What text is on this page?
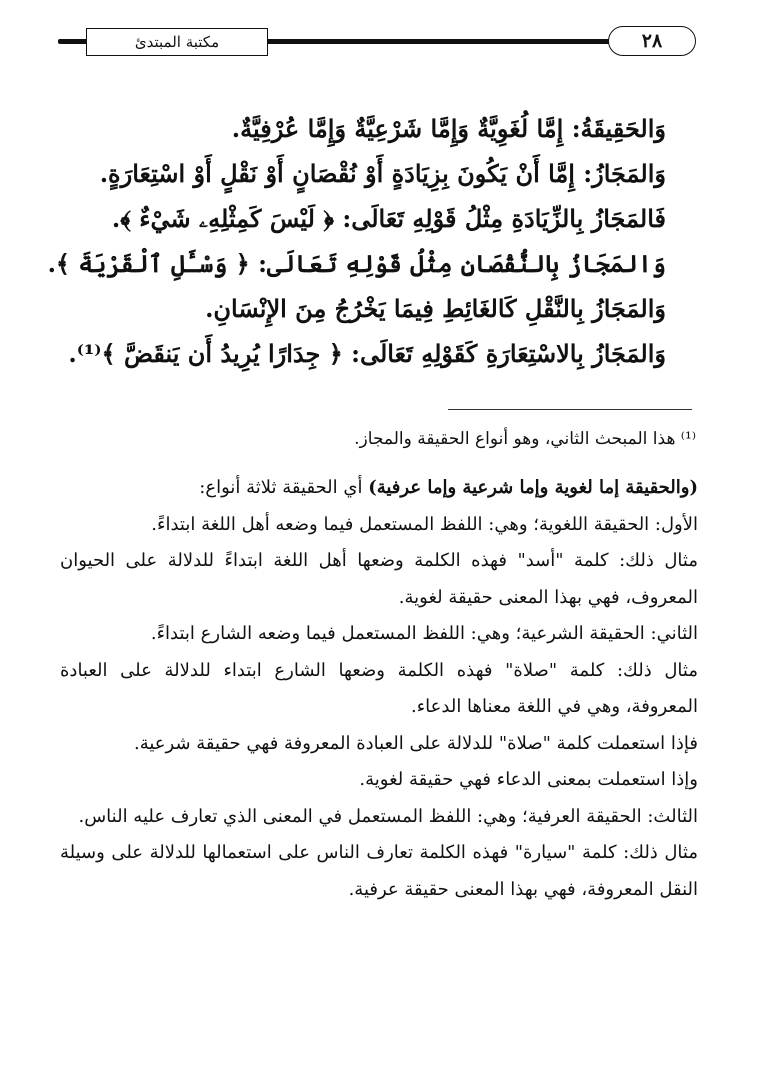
٢٨
مكتبة المبتدئ
وَالحَقِيقَةُ: إِمَّا لُغَوِيَّةٌ وَإِمَّا شَرْعِيَّةٌ وَإِمَّا عُرْفِيَّةٌ.
وَالمَجَازُ: إِمَّا أَنْ يَكُونَ بِزِيَادَةٍ أَوْ نُقْصَانٍ أَوْ نَقْلٍ أَوْ اسْتِعَارَةٍ.
فَالمَجَازُ بِالزِّيَادَةِ مِثْلُ قَوْلِهِ تَعَالَى: ﴿ لَيْسَ كَمِثْلِهِۦ شَيْءٌ ﴾.
وَالمَجَازُ بِالنُّقْصَانِ مِثْلُ قَوْلِهِ تَعَالَى: ﴿ وَسْـَٔلِ ٱلْقَرْيَةَ ﴾.
وَالمَجَازُ بِالنَّقْلِ كَالغَائِطِ فِيمَا يَخْرُجُ مِنَ الإِنْسَانِ.
وَالمَجَازُ بِالاسْتِعَارَةِ كَقَوْلِهِ تَعَالَى: ﴿ جِدَارًا يُرِيدُ أَن يَنقَضَّ ﴾⁽¹⁾.
⁽¹⁾ هذا المبحث الثاني، وهو أنواع الحقيقة والمجاز.

(والحقيقة إما لغوية وإما شرعية وإما عرفية) أي الحقيقة ثلاثة أنواع:

الأول: الحقيقة اللغوية؛ وهي: اللفظ المستعمل فيما وضعه أهل اللغة ابتداءً.

مثال ذلك: كلمة "أسد" فهذه الكلمة وضعها أهل اللغة ابتداءً للدلالة على الحيوان المعروف، فهي بهذا المعنى حقيقة لغوية.

الثاني: الحقيقة الشرعية؛ وهي: اللفظ المستعمل فيما وضعه الشارع ابتداءً.

مثال ذلك: كلمة "صلاة" فهذه الكلمة وضعها الشارع ابتداء للدلالة على العبادة المعروفة، وهي في اللغة معناها الدعاء.

فإذا استعملت كلمة "صلاة" للدلالة على العبادة المعروفة فهي حقيقة شرعية.

وإذا استعملت بمعنى الدعاء فهي حقيقة لغوية.

الثالث: الحقيقة العرفية؛ وهي: اللفظ المستعمل في المعنى الذي تعارف عليه الناس.

مثال ذلك: كلمة "سيارة" فهذه الكلمة تعارف الناس على استعمالها للدلالة على وسيلة النقل المعروفة، فهي بهذا المعنى حقيقة عرفية.
